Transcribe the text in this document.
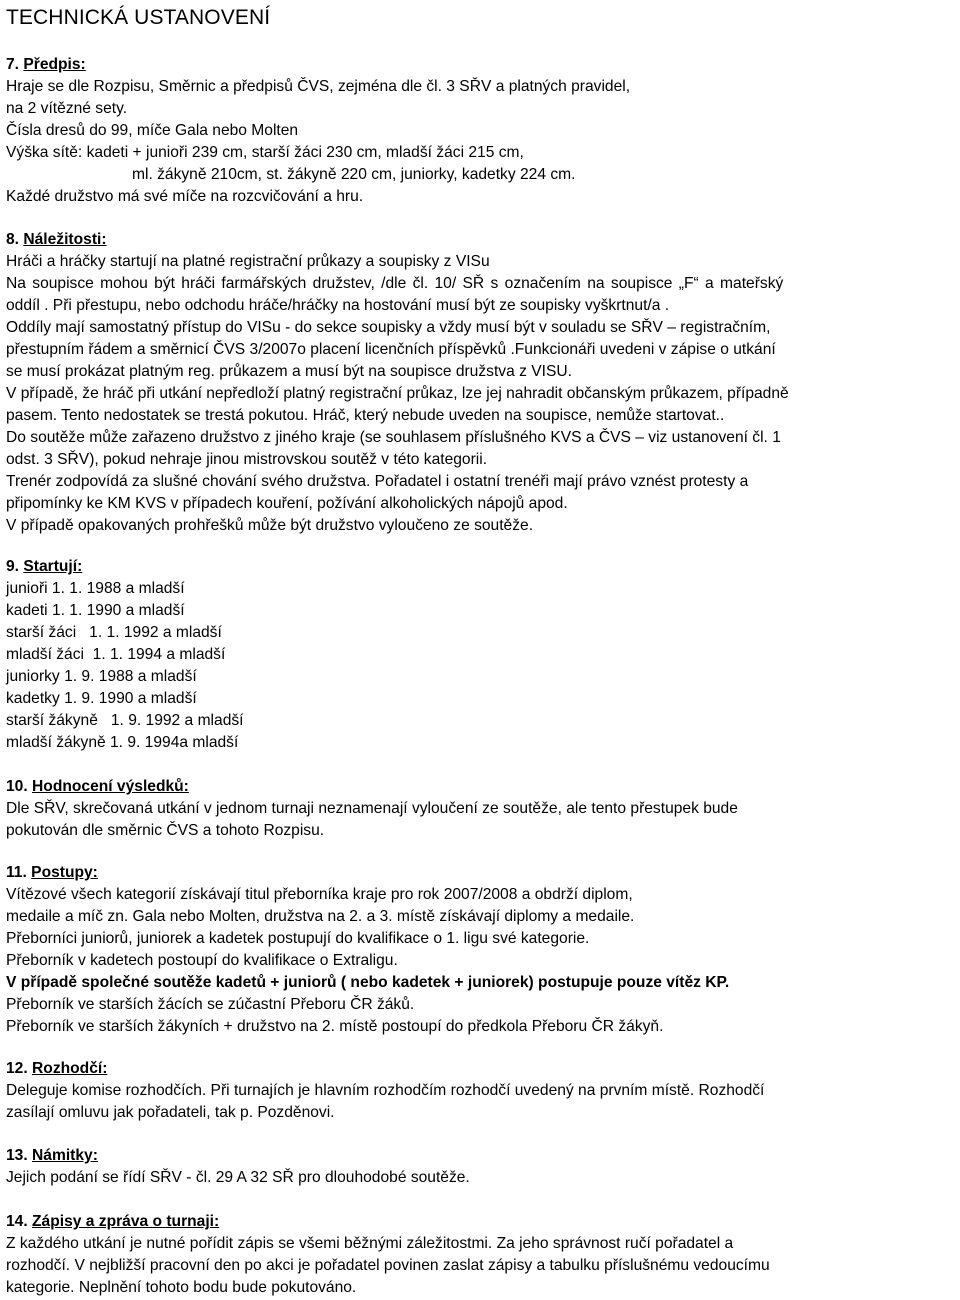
TECHNICKÁ USTANOVENÍ
7. Předpis:
Hraje se dle Rozpisu, Směrnic a předpisů ČVS, zejména dle čl. 3 SŘV a platných pravidel,
na 2 vítězné sety.
Čísla dresů do 99, míče Gala nebo Molten
Výška sítě: kadeti + junioři 239 cm, starší žáci 230 cm, mladší žáci 215 cm,
ml. žákyně 210cm, st. žákyně 220 cm, juniorky, kadetky 224 cm.
Každé družstvo má své míče na rozcvičování a hru.
8. Náležitosti:
Hráči a hráčky startují na platné registrační průkazy a soupisky z VISu
Na soupisce mohou být hráči farmářských družstev, /dle čl. 10/ SŘ s označením na soupisce „F“ a mateřský
oddíl . Při přestupu, nebo odchodu hráče/hráčky na hostování musí být ze soupisky vyškrtnut/a .
Oddíly mají samostatný přístup do VISu - do sekce soupisky a vždy musí být v souladu se SŘV – registračním,
přestupním řádem a směrnicí ČVS 3/2007o placení licenčních příspěvků .Funkcionáři uvedeni v zápise o utkání
se musí prokázat platným reg. průkazem a musí být na soupisce družstva z VISU.
V případě, že hráč při utkání nepředloží platný registrační průkaz, lze jej nahradit občanským průkazem, případně
pasem. Tento nedostatek se trestá pokutou. Hráč, který nebude uveden na soupisce, nemůže startovat..
Do soutěže může zařazeno družstvo z jiného kraje (se souhlasem příslušného KVS a ČVS – viz ustanovení čl. 1
odst. 3 SŘV), pokud nehraje jinou mistrovskou soutěž v této kategorii.
Trenér zodpovídá za slušné chování svého družstva. Pořadatel i ostatní trenéři mají právo vznést protesty a
připomínky ke KM KVS v případech kouření, požívání alkoholických nápojů apod.
V případě opakovaných prohřešků může být družstvo vyloučeno ze soutěže.
9. Startují:
junioři 1. 1. 1988 a mladší
kadeti 1. 1. 1990 a mladší
starší žáci   1. 1. 1992 a mladší
mladší žáci  1. 1. 1994 a mladší
juniorky 1. 9. 1988 a mladší
kadetky 1. 9. 1990 a mladší
starší žákyně   1. 9. 1992 a mladší
mladší žákyně 1. 9. 1994a mladší
10. Hodnocení výsledků:
Dle SŘV, skrečovaná utkání v jednom turnaji neznamenají vyloučení ze soutěže, ale tento přestupek bude
pokutován dle směrnic ČVS a tohoto Rozpisu.
11. Postupy:
Vítězové všech kategorií získávají titul přeborníka kraje pro rok 2007/2008 a obdrží diplom,
medaile a míč zn. Gala nebo Molten, družstva na 2. a 3. místě získávají diplomy a medaile.
Přeborníci juniorů, juniorek a kadetek postupují do kvalifikace o 1. ligu své kategorie.
Přeborník v kadetech postoupí do kvalifikace o Extraligu.
V případě společné soutěže kadetů + juniorů ( nebo kadetek + juniorek) postupuje pouze vítěz KP.
Přeborník ve starších žácích se zúčastní Přeboru ČR žáků.
Přeborník ve starších žákyních + družstvo na 2. místě postoupí do předkola Přeboru ČR žákyň.
12. Rozhodčí:
Deleguje komise rozhodčích. Při turnajích je hlavním rozhodčím rozhodčí uvedený na prvním místě. Rozhodčí
zasílají omluvu jak pořadateli, tak p. Pozděnovi.
13. Námitky:
Jejich podání se řídí SŘV - čl. 29 A 32 SŘ pro dlouhodobé soutěže.
14. Zápisy a zpráva o turnaji:
Z každého utkání je nutné pořídit zápis se všemi běžnými záležitostmi. Za jeho správnost ručí pořadatel a
rozhodčí. V nejbližší pracovní den po akci je pořadatel povinen zaslat zápisy a tabulku příslušnému vedoucímu
kategorie. Neplnění tohoto bodu bude pokutováno.
